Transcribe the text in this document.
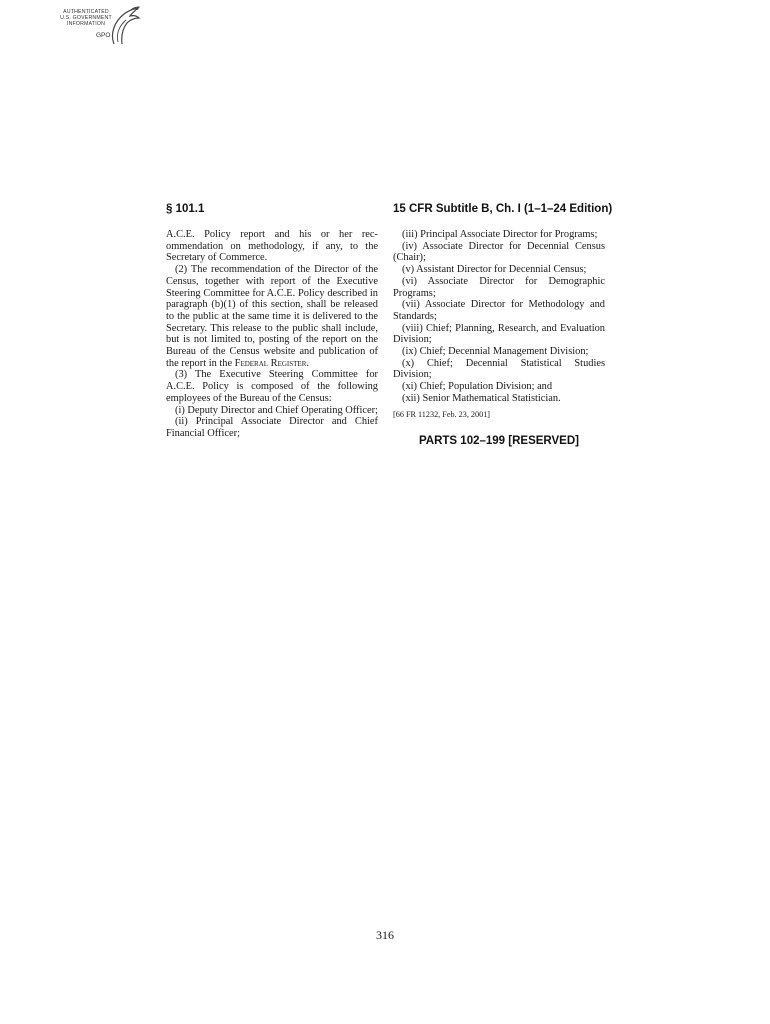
AUTHENTICATED
U.S. GOVERNMENT
INFORMATION
GPO
§ 101.1	15 CFR Subtitle B, Ch. I (1–1–24 Edition)

A.C.E. Policy report and his or her recommendation on methodology, if any, to the Secretary of Commerce.

(2) The recommendation of the Director of the Census, together with report of the Executive Steering Committee for A.C.E. Policy described in paragraph (b)(1) of this section, shall be released to the public at the same time it is delivered to the Secretary. This release to the public shall include, but is not limited to, posting of the report on the Bureau of the Census website and publication of the report in the Federal Register.

(3) The Executive Steering Committee for A.C.E. Policy is composed of the following employees of the Bureau of the Census:

(i) Deputy Director and Chief Operating Officer;

(ii) Principal Associate Director and Chief Financial Officer;

(iii) Principal Associate Director for Programs;

(iv) Associate Director for Decennial Census (Chair);

(v) Assistant Director for Decennial Census;

(vi) Associate Director for Demographic Programs;

(vii) Associate Director for Methodology and Standards;

(viii) Chief; Planning, Research, and Evaluation Division;

(ix) Chief; Decennial Management Division;

(x) Chief; Decennial Statistical Studies Division;

(xi) Chief; Population Division; and

(xii) Senior Mathematical Statistician.

[66 FR 11232, Feb. 23, 2001]

PARTS 102–199 [RESERVED]
316
